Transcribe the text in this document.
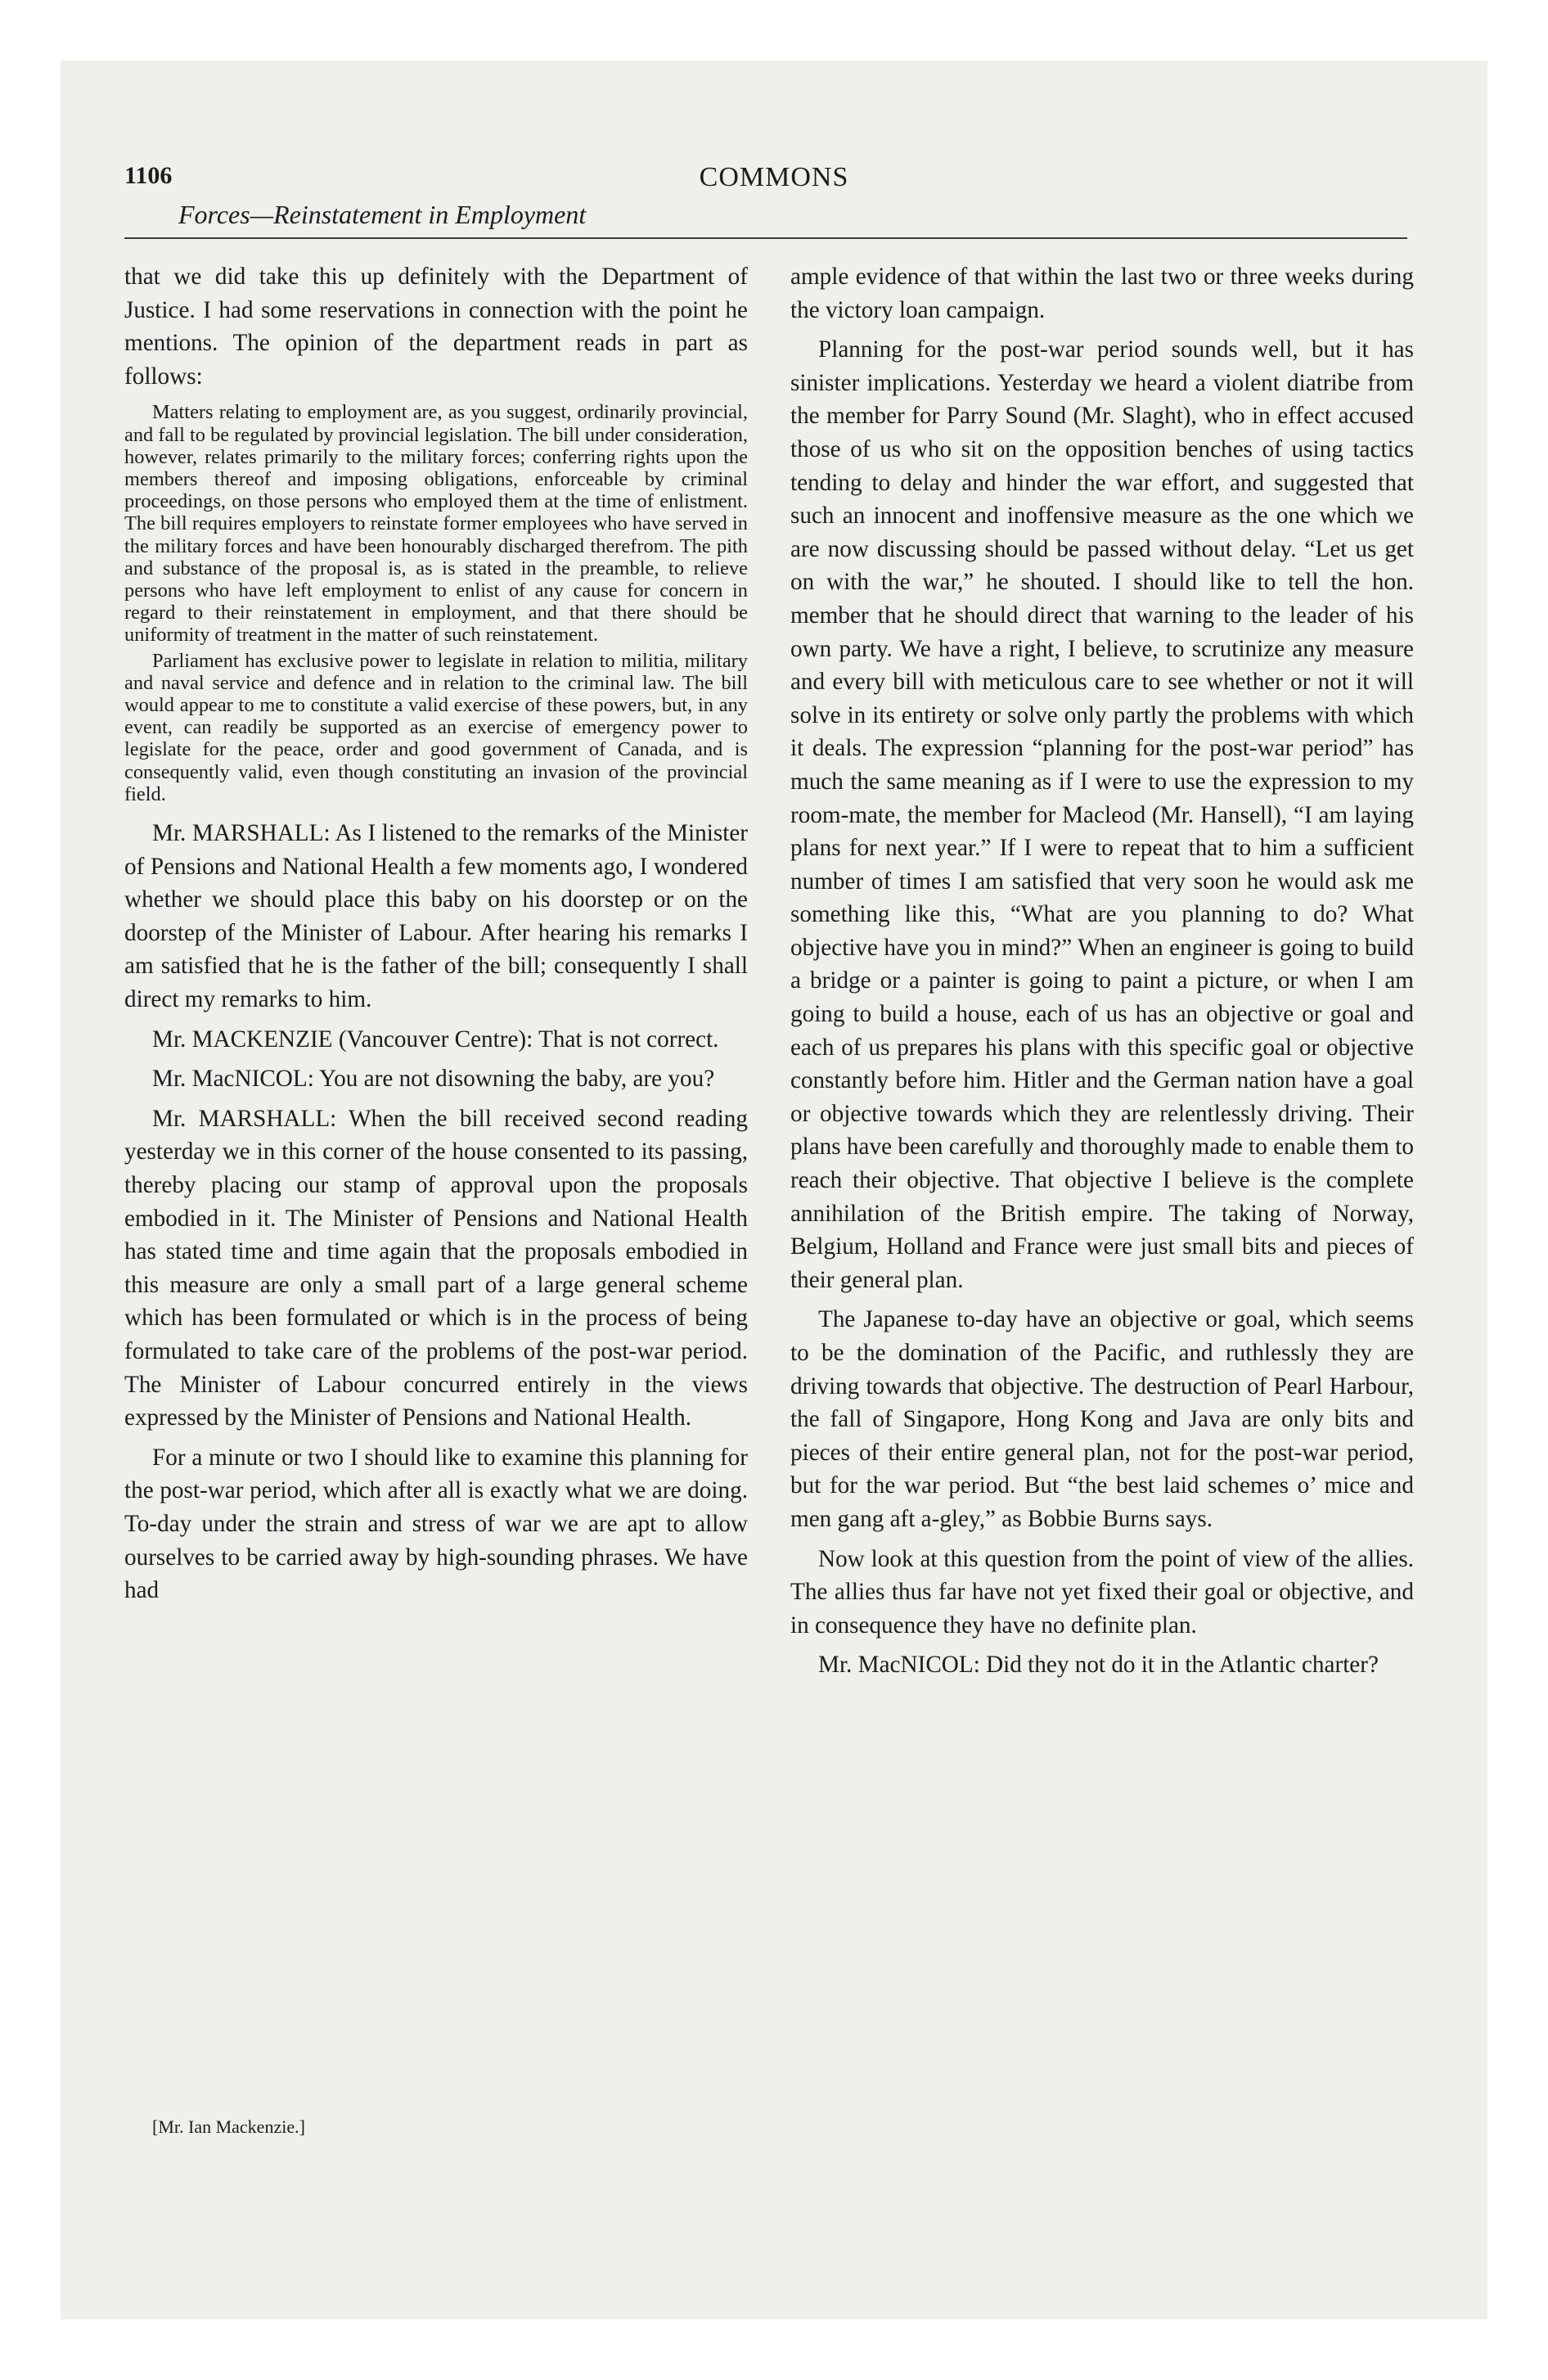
1106	COMMONS
Forces—Reinstatement in Employment

that we did take this up definitely with the Department of Justice. I had some reservations in connection with the point he mentions. The opinion of the department reads in part as follows:

Matters relating to employment are, as you suggest, ordinarily provincial, and fall to be regulated by provincial legislation. The bill under consideration, however, relates primarily to the military forces; conferring rights upon the members thereof and imposing obligations, enforceable by criminal proceedings, on those persons who employed them at the time of enlistment. The bill requires employers to reinstate former employees who have served in the military forces and have been honourably discharged therefrom. The pith and substance of the proposal is, as is stated in the preamble, to relieve persons who have left employment to enlist of any cause for concern in regard to their reinstatement in employment, and that there should be uniformity of treatment in the matter of such reinstatement.

Parliament has exclusive power to legislate in relation to militia, military and naval service and defence and in relation to the criminal law. The bill would appear to me to constitute a valid exercise of these powers, but, in any event, can readily be supported as an exercise of emergency power to legislate for the peace, order and good government of Canada, and is consequently valid, even though constituting an invasion of the provincial field.

Mr. MARSHALL: As I listened to the remarks of the Minister of Pensions and National Health a few moments ago, I wondered whether we should place this baby on his doorstep or on the doorstep of the Minister of Labour. After hearing his remarks I am satisfied that he is the father of the bill; consequently I shall direct my remarks to him.

Mr. MACKENZIE (Vancouver Centre): That is not correct.

Mr. MacNICOL: You are not disowning the baby, are you?

Mr. MARSHALL: When the bill received second reading yesterday we in this corner of the house consented to its passing, thereby placing our stamp of approval upon the proposals embodied in it. The Minister of Pensions and National Health has stated time and time again that the proposals embodied in this measure are only a small part of a large general scheme which has been formulated or which is in the process of being formulated to take care of the problems of the post-war period. The Minister of Labour concurred entirely in the views expressed by the Minister of Pensions and National Health.

For a minute or two I should like to examine this planning for the post-war period, which after all is exactly what we are doing. To-day under the strain and stress of war we are apt to allow ourselves to be carried away by high-sounding phrases. We have had

ample evidence of that within the last two or three weeks during the victory loan campaign.

Planning for the post-war period sounds well, but it has sinister implications. Yesterday we heard a violent diatribe from the member for Parry Sound (Mr. Slaght), who in effect accused those of us who sit on the opposition benches of using tactics tending to delay and hinder the war effort, and suggested that such an innocent and inoffensive measure as the one which we are now discussing should be passed without delay. “Let us get on with the war,” he shouted. I should like to tell the hon. member that he should direct that warning to the leader of his own party. We have a right, I believe, to scrutinize any measure and every bill with meticulous care to see whether or not it will solve in its entirety or solve only partly the problems with which it deals. The expression “planning for the post-war period” has much the same meaning as if I were to use the expression to my room-mate, the member for Macleod (Mr. Hansell), “I am laying plans for next year.” If I were to repeat that to him a sufficient number of times I am satisfied that very soon he would ask me something like this, “What are you planning to do? What objective have you in mind?” When an engineer is going to build a bridge or a painter is going to paint a picture, or when I am going to build a house, each of us has an objective or goal and each of us prepares his plans with this specific goal or objective constantly before him. Hitler and the German nation have a goal or objective towards which they are relentlessly driving. Their plans have been carefully and thoroughly made to enable them to reach their objective. That objective I believe is the complete annihilation of the British empire. The taking of Norway, Belgium, Holland and France were just small bits and pieces of their general plan.

The Japanese to-day have an objective or goal, which seems to be the domination of the Pacific, and ruthlessly they are driving towards that objective. The destruction of Pearl Harbour, the fall of Singapore, Hong Kong and Java are only bits and pieces of their entire general plan, not for the post-war period, but for the war period. But “the best laid schemes o’ mice and men gang aft a-gley,” as Bobbie Burns says.

Now look at this question from the point of view of the allies. The allies thus far have not yet fixed their goal or objective, and in consequence they have no definite plan.

Mr. MacNICOL: Did they not do it in the Atlantic charter?

[Mr. Ian Mackenzie.]
